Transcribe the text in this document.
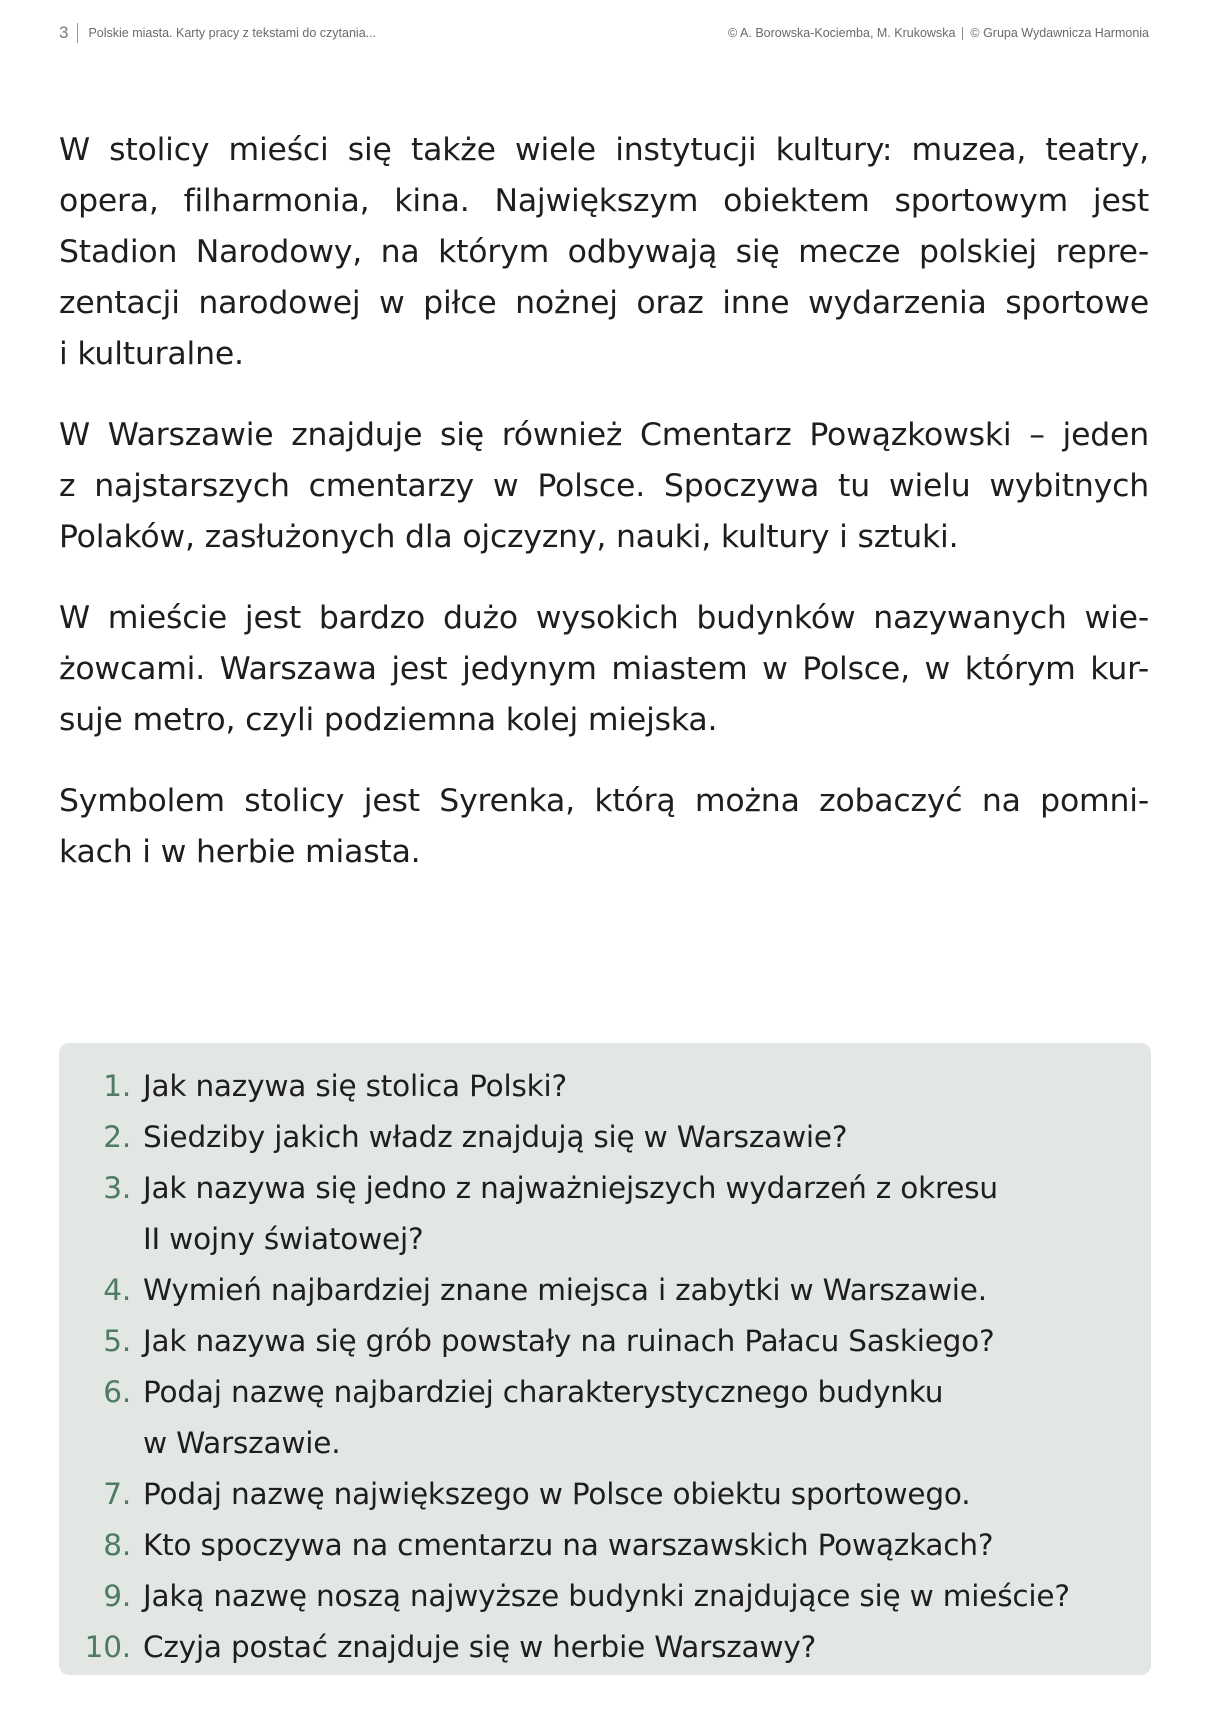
3 Polskie miasta. Karty pracy z tekstami do czytania...	© A. Borowska-Kociemba, M. Krukowska © Grupa Wydawnicza Harmonia

W stolicy mieści się także wiele instytucji kultury: muzea, teatry,
opera, filharmonia, kina. Największym obiektem sportowym jest
Stadion Narodowy, na którym odbywają się mecze polskiej repre-
zentacji narodowej w piłce nożnej oraz inne wydarzenia sportowe
i kulturalne.

W Warszawie znajduje się również Cmentarz Powązkowski – jeden
z najstarszych cmentarzy w Polsce. Spoczywa tu wielu wybitnych
Polaków, zasłużonych dla ojczyzny, nauki, kultury i sztuki.

W mieście jest bardzo dużo wysokich budynków nazywanych wie-
żowcami. Warszawa jest jedynym miastem w Polsce, w którym kur-
suje metro, czyli podziemna kolej miejska.

Symbolem stolicy jest Syrenka, którą można zobaczyć na pomni-
kach i w herbie miasta.

1. Jak nazywa się stolica Polski?
2. Siedziby jakich władz znajdują się w Warszawie?
3. Jak nazywa się jedno z najważniejszych wydarzeń z okresu
II wojny światowej?
4. Wymień najbardziej znane miejsca i zabytki w Warszawie.
5. Jak nazywa się grób powstały na ruinach Pałacu Saskiego?
6. Podaj nazwę najbardziej charakterystycznego budynku
w Warszawie.
7. Podaj nazwę największego w Polsce obiektu sportowego.
8. Kto spoczywa na cmentarzu na warszawskich Powązkach?
9. Jaką nazwę noszą najwyższe budynki znajdujące się w mieście?
10. Czyja postać znajduje się w herbie Warszawy?
